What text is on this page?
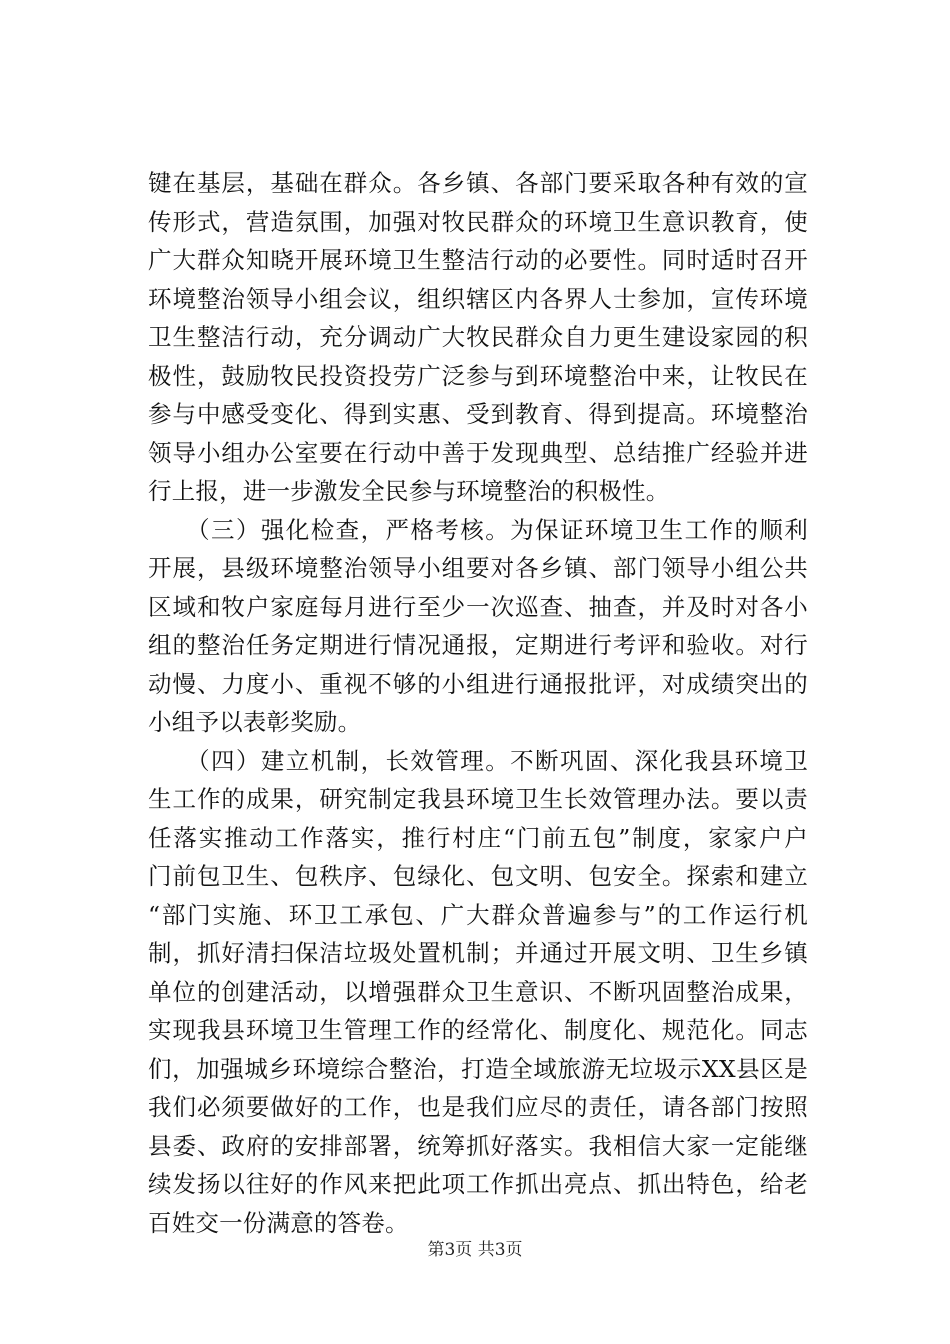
键在基层，基础在群众。各乡镇、各部门要采取各种有效的宣
传形式，营造氛围，加强对牧民群众的环境卫生意识教育，使
广大群众知晓开展环境卫生整洁行动的必要性。同时适时召开
环境整治领导小组会议，组织辖区内各界人士参加，宣传环境
卫生整洁行动，充分调动广大牧民群众自力更生建设家园的积
极性，鼓励牧民投资投劳广泛参与到环境整治中来，让牧民在
参与中感受变化、得到实惠、受到教育、得到提高。环境整治
领导小组办公室要在行动中善于发现典型、总结推广经验并进
行上报，进一步激发全民参与环境整治的积极性。
　　（三）强化检查，严格考核。为保证环境卫生工作的顺利
开展，县级环境整治领导小组要对各乡镇、部门领导小组公共
区域和牧户家庭每月进行至少一次巡查、抽查，并及时对各小
组的整治任务定期进行情况通报，定期进行考评和验收。对行
动慢、力度小、重视不够的小组进行通报批评，对成绩突出的
小组予以表彰奖励。
　　（四）建立机制，长效管理。不断巩固、深化我县环境卫
生工作的成果，研究制定我县环境卫生长效管理办法。要以责
任落实推动工作落实，推行村庄“门前五包”制度，家家户户
门前包卫生、包秩序、包绿化、包文明、包安全。探索和建立
“部门实施、环卫工承包、广大群众普遍参与”的工作运行机
制，抓好清扫保洁垃圾处置机制；并通过开展文明、卫生乡镇
单位的创建活动，以增强群众卫生意识、不断巩固整治成果，
实现我县环境卫生管理工作的经常化、制度化、规范化。同志
们，加强城乡环境综合整治，打造全域旅游无垃圾示XX县区是
我们必须要做好的工作，也是我们应尽的责任，请各部门按照
县委、政府的安排部署，统筹抓好落实。我相信大家一定能继
续发扬以往好的作风来把此项工作抓出亮点、抓出特色，给老
百姓交一份满意的答卷。
第3页 共3页
